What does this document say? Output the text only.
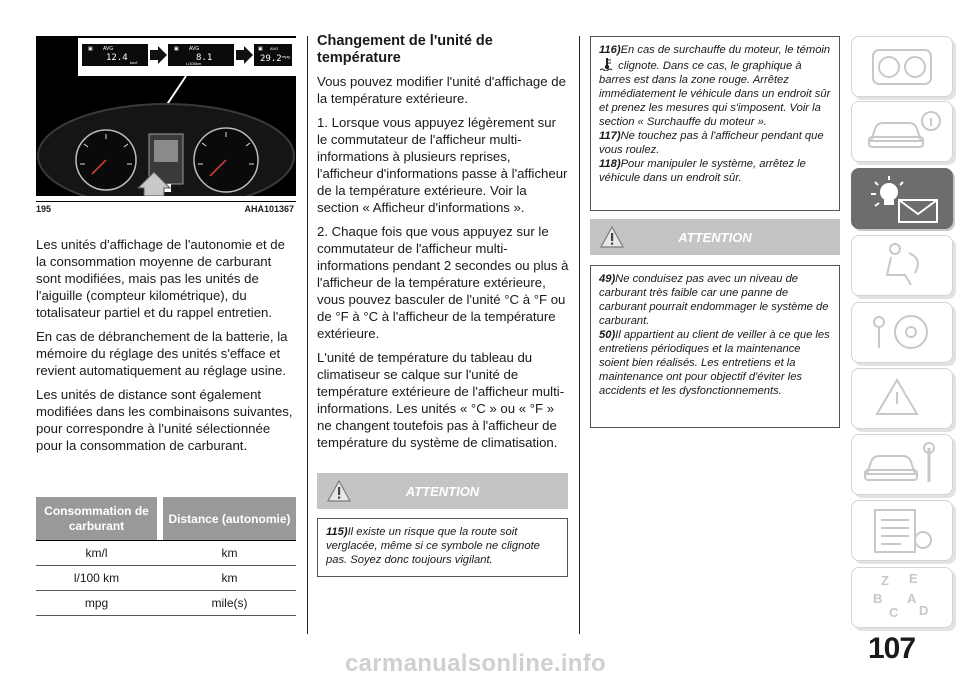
▣ AVG
12.4 km/l
▣ AVG
8.1
L/100km
▣ AVG
29.2 mpg
195	AHA101367

Les unités d'affichage de l'autonomie et de la consommation moyenne de carburant sont modifiées, mais pas les unités de l'aiguille (compteur kilométrique), du totalisateur partiel et du rappel entretien.

En cas de débranchement de la batterie, la mémoire du réglage des unités s'efface et revient automatiquement au réglage usine.

Les unités de distance sont également modifiées dans les combinaisons suivantes, pour correspondre à l'unité sélectionnée pour la consommation de carburant.

Consommation de carburant		Distance (autonomie)

km/l		km
l/100 km		km
mpg		mile(s)
Changement de l'unité de température

Vous pouvez modifier l'unité d'affichage de la température extérieure.

1. Lorsque vous appuyez légèrement sur le commutateur de l'afficheur multi-informations à plusieurs reprises, l'afficheur d'informations passe à l'afficheur de la température extérieure. Voir la section « Afficheur d'informations ».

2. Chaque fois que vous appuyez sur le commutateur de l'afficheur multi-informations pendant 2 secondes ou plus à l'afficheur de la température extérieure, vous pouvez basculer de l'unité °C à °F ou de °F à °C à l'afficheur de la température extérieure.

L'unité de température du tableau du climatiseur se calque sur l'unité de température extérieure de l'afficheur multi-informations. Les unités « °C » ou « °F » ne changent toutefois pas à l'afficheur de température du système de climatisation.

ATTENTION

115)Il existe un risque que la route soit verglacée, même si ce symbole ne clignote pas. Soyez donc toujours vigilant.

116)En cas de surchauffe du moteur, le témoin  clignote. Dans ce cas, le graphique à barres est dans la zone rouge. Arrêtez immédiatement le véhicule dans un endroit sûr et prenez les mesures qui s'imposent. Voir la section « Surchauffe du moteur ».

117)Ne touchez pas à l'afficheur pendant que vous roulez.

118)Pour manipuler le système, arrêtez le véhicule dans un endroit sûr.

ATTENTION

49)Ne conduisez pas avec un niveau de carburant très faible car une panne de carburant pourrait endommager le système de carburant.

50)Il appartient au client de veiller à ce que les entretiens périodiques et la maintenance soient bien réalisés. Les entretiens et la maintenance ont pour objectif d'éviter les accidents et les dysfonctionnements.

Z E
B A
C D
107
carmanualsonline.info
